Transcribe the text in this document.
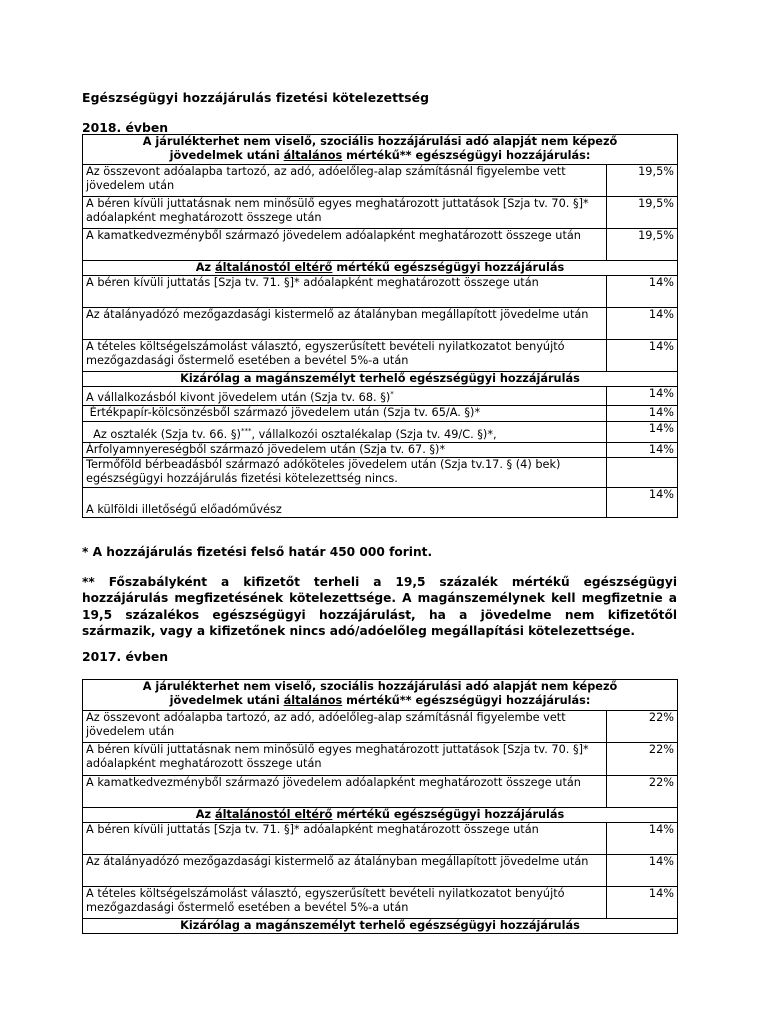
Egészségügyi hozzájárulás fizetési kötelezettség
2018. évben
A járulékterhet nem viselő, szociális hozzájárulási adó alapját nem képező
jövedelmek utáni általános mértékű** egészségügyi hozzájárulás:	
Az összevont adóalapba tartozó, az adó, adóelőleg-alap számításnál figyelembe vett jövedelem után	19,5%
A béren kívüli juttatásnak nem minősülő egyes meghatározott juttatások [Szja tv. 70. §]* adóalapként meghatározott összege után	19,5%
A kamatkedvezményből származó jövedelem adóalapként meghatározott összege után	19,5%
Az általánostól eltérő mértékű egészségügyi hozzájárulás	
A béren kívüli juttatás [Szja tv. 71. §]* adóalapként meghatározott összege után	14%
Az átalányadózó mezőgazdasági kistermelő az átalányban megállapított jövedelme után	14%
A tételes költségelszámolást választó, egyszerűsített bevételi nyilatkozatot benyújtó mezőgazdasági őstermelő esetében a bevétel 5%-a után	14%
Kizárólag a magánszemélyt terhelő egészségügyi hozzájárulás	
A vállalkozásból kivont jövedelem után (Szja tv. 68. §)*	14%
Értékpapír-kölcsönzésből származó jövedelem után (Szja tv. 65/A. §)*	14%
Az osztalék (Szja tv. 66. §)***, vállalkozói osztalékalap (Szja tv. 49/C. §)*,	14%
Árfolyamnyereségből származó jövedelem után (Szja tv. 67. §)*	14%
Termőföld bérbeadásból származó adóköteles jövedelem után (Szja tv.17. § (4) bek) egészségügyi hozzájárulás fizetési kötelezettség nincs.	
A külföldi illetőségű előadóművész	14%
* A hozzájárulás fizetési felső határ 450 000 forint.
** Főszabályként a kifizetőt terheli a 19,5 százalék mértékű egészségügyi hozzájárulás megfizetésének kötelezettsége. A magánszemélynek kell megfizetnie a 19,5 százalékos egészségügyi hozzájárulást, ha a jövedelme nem kifizetőtől származik, vagy a kifizetőnek nincs adó/adóelőleg megállapítási kötelezettsége.
2017. évben
A járulékterhet nem viselő, szociális hozzájárulási adó alapját nem képező
jövedelmek utáni általános mértékű** egészségügyi hozzájárulás:	
Az összevont adóalapba tartozó, az adó, adóelőleg-alap számításnál figyelembe vett jövedelem után	22%
A béren kívüli juttatásnak nem minősülő egyes meghatározott juttatások [Szja tv. 70. §]* adóalapként meghatározott összege után	22%
A kamatkedvezményből származó jövedelem adóalapként meghatározott összege után	22%
Az általánostól eltérő mértékű egészségügyi hozzájárulás	
A béren kívüli juttatás [Szja tv. 71. §]* adóalapként meghatározott összege után	14%
Az átalányadózó mezőgazdasági kistermelő az átalányban megállapított jövedelme után	14%
A tételes költségelszámolást választó, egyszerűsített bevételi nyilatkozatot benyújtó mezőgazdasági őstermelő esetében a bevétel 5%-a után	14%
Kizárólag a magánszemélyt terhelő egészségügyi hozzájárulás	
